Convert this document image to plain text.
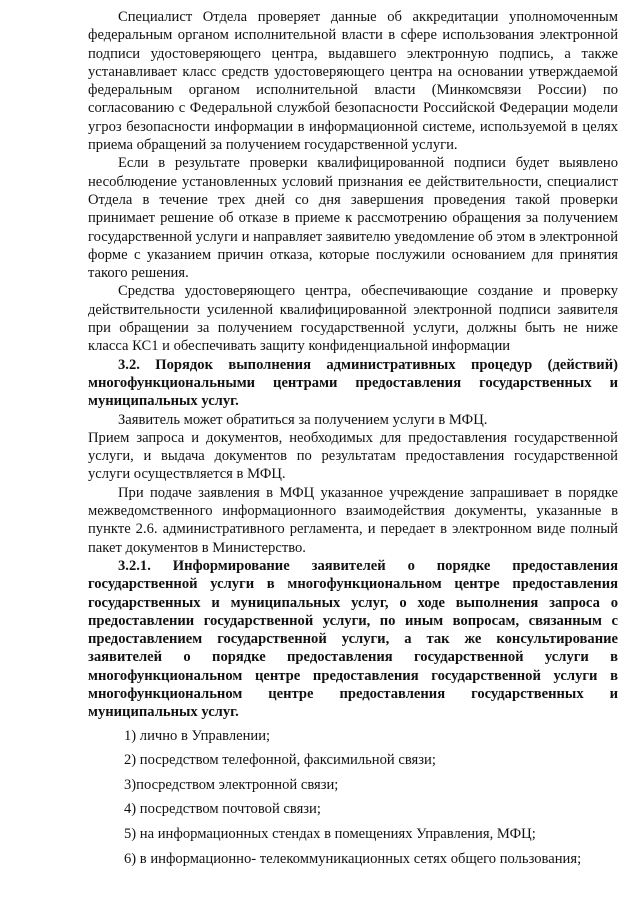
Специалист Отдела проверяет данные об аккредитации уполномоченным федеральным органом исполнительной власти в сфере использования электронной подписи удостоверяющего центра, выдавшего электронную подпись, а также устанавливает класс средств удостоверяющего центра на основании утверждаемой федеральным органом исполнительной власти (Минкомсвязи России) по согласованию с Федеральной службой безопасности Российской Федерации модели угроз безопасности информации в информационной системе, используемой в целях приема обращений за получением государственной услуги.

Если в результате проверки квалифицированной подписи будет выявлено несоблюдение установленных условий признания ее действительности, специалист Отдела в течение трех дней со дня завершения проведения такой проверки принимает решение об отказе в приеме к рассмотрению обращения за получением государственной услуги и направляет заявителю уведомление об этом в электронной форме с указанием причин отказа, которые послужили основанием для принятия такого решения.

Средства удостоверяющего центра, обеспечивающие создание и проверку действительности усиленной квалифицированной электронной подписи заявителя при обращении за получением государственной услуги, должны быть не ниже класса КС1 и обеспечивать защиту конфиденциальной информации

3.2. Порядок выполнения административных процедур (действий) многофункциональными центрами предоставления государственных и муниципальных услуг.

Заявитель может обратиться за получением услуги в МФЦ.

Прием запроса и документов, необходимых для предоставления государственной услуги, и выдача документов по результатам предоставления государственной услуги осуществляется в МФЦ.

При подаче заявления в МФЦ указанное учреждение запрашивает в порядке межведомственного информационного взаимодействия документы, указанные в пункте 2.6. административного регламента, и передает в электронном виде полный пакет документов в Министерство.

3.2.1. Информирование заявителей о порядке предоставления государственной услуги в многофункциональном центре предоставления государственных и муниципальных услуг, о ходе выполнения запроса о предоставлении государственной услуги, по иным вопросам, связанным с предоставлением государственной услуги, а так же консультирование заявителей о порядке предоставления государственной услуги в многофункциональном центре предоставления государственной услуги в многофункциональном центре предоставления государственных и муниципальных услуг.

1) лично в Управлении;
2) посредством телефонной, факсимильной связи;
3)посредством электронной связи;
4) посредством почтовой связи;
5) на информационных стендах в помещениях Управления, МФЦ;
6) в информационно- телекоммуникационных сетях общего пользования;
